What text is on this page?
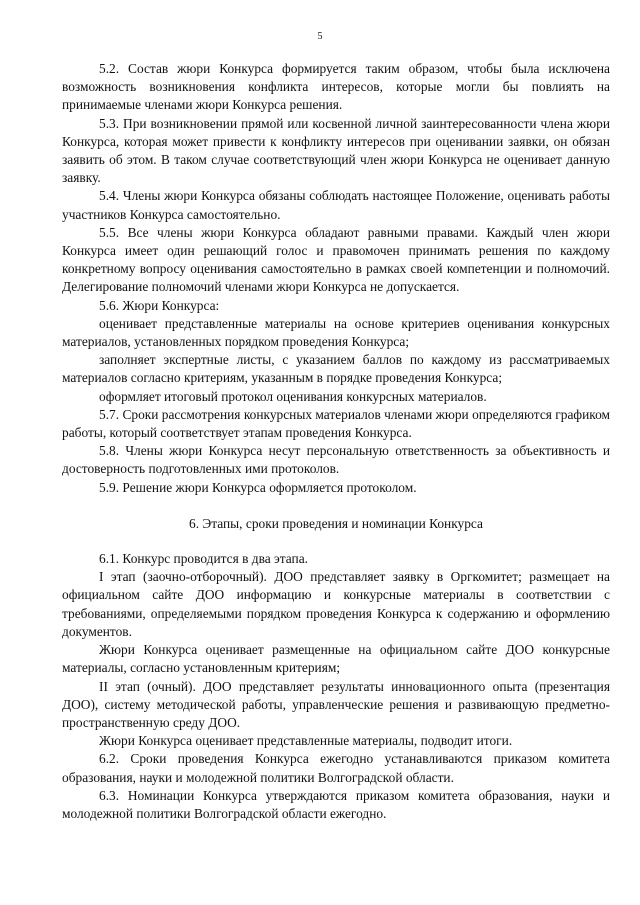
5

5.2. Состав жюри Конкурса формируется таким образом, чтобы была исключена возможность возникновения конфликта интересов, которые могли бы повлиять на принимаемые членами жюри Конкурса решения.

5.3. При возникновении прямой или косвенной личной заинтересованности члена жюри Конкурса, которая может привести к конфликту интересов при оценивании заявки, он обязан заявить об этом. В таком случае соответствующий член жюри Конкурса не оценивает данную заявку.

5.4. Члены жюри Конкурса обязаны соблюдать настоящее Положение, оценивать работы участников Конкурса самостоятельно.

5.5. Все члены жюри Конкурса обладают равными правами. Каждый член жюри Конкурса имеет один решающий голос и правомочен принимать решения по каждому конкретному вопросу оценивания самостоятельно в рамках своей компетенции и полномочий. Делегирование полномочий членами жюри Конкурса не допускается.

5.6. Жюри Конкурса:

оценивает представленные материалы на основе критериев оценивания конкурсных материалов, установленных порядком проведения Конкурса;

заполняет экспертные листы, с указанием баллов по каждому из рассматриваемых материалов согласно критериям, указанным в порядке проведения Конкурса;

оформляет итоговый протокол оценивания конкурсных материалов.

5.7. Сроки рассмотрения конкурсных материалов членами жюри определяются графиком работы, который соответствует этапам проведения Конкурса.

5.8. Члены жюри Конкурса несут персональную ответственность за объективность и достоверность подготовленных ими протоколов.

5.9. Решение жюри Конкурса оформляется протоколом.

6. Этапы, сроки проведения и номинации Конкурса

6.1. Конкурс проводится в два этапа.

I этап (заочно-отборочный). ДОО представляет заявку в Оргкомитет; размещает на официальном сайте ДОО информацию и конкурсные материалы в соответствии с требованиями, определяемыми порядком проведения Конкурса к содержанию и оформлению документов.

Жюри Конкурса оценивает размещенные на официальном сайте ДОО конкурсные материалы, согласно установленным критериям;

II этап (очный). ДОО представляет результаты инновационного опыта (презентация ДОО), систему методической работы, управленческие решения и развивающую предметно-пространственную среду ДОО.

Жюри Конкурса оценивает представленные материалы, подводит итоги.

6.2. Сроки проведения Конкурса ежегодно устанавливаются приказом комитета образования, науки и молодежной политики Волгоградской области.

6.3. Номинации Конкурса утверждаются приказом комитета образования, науки и молодежной политики Волгоградской области ежегодно.
